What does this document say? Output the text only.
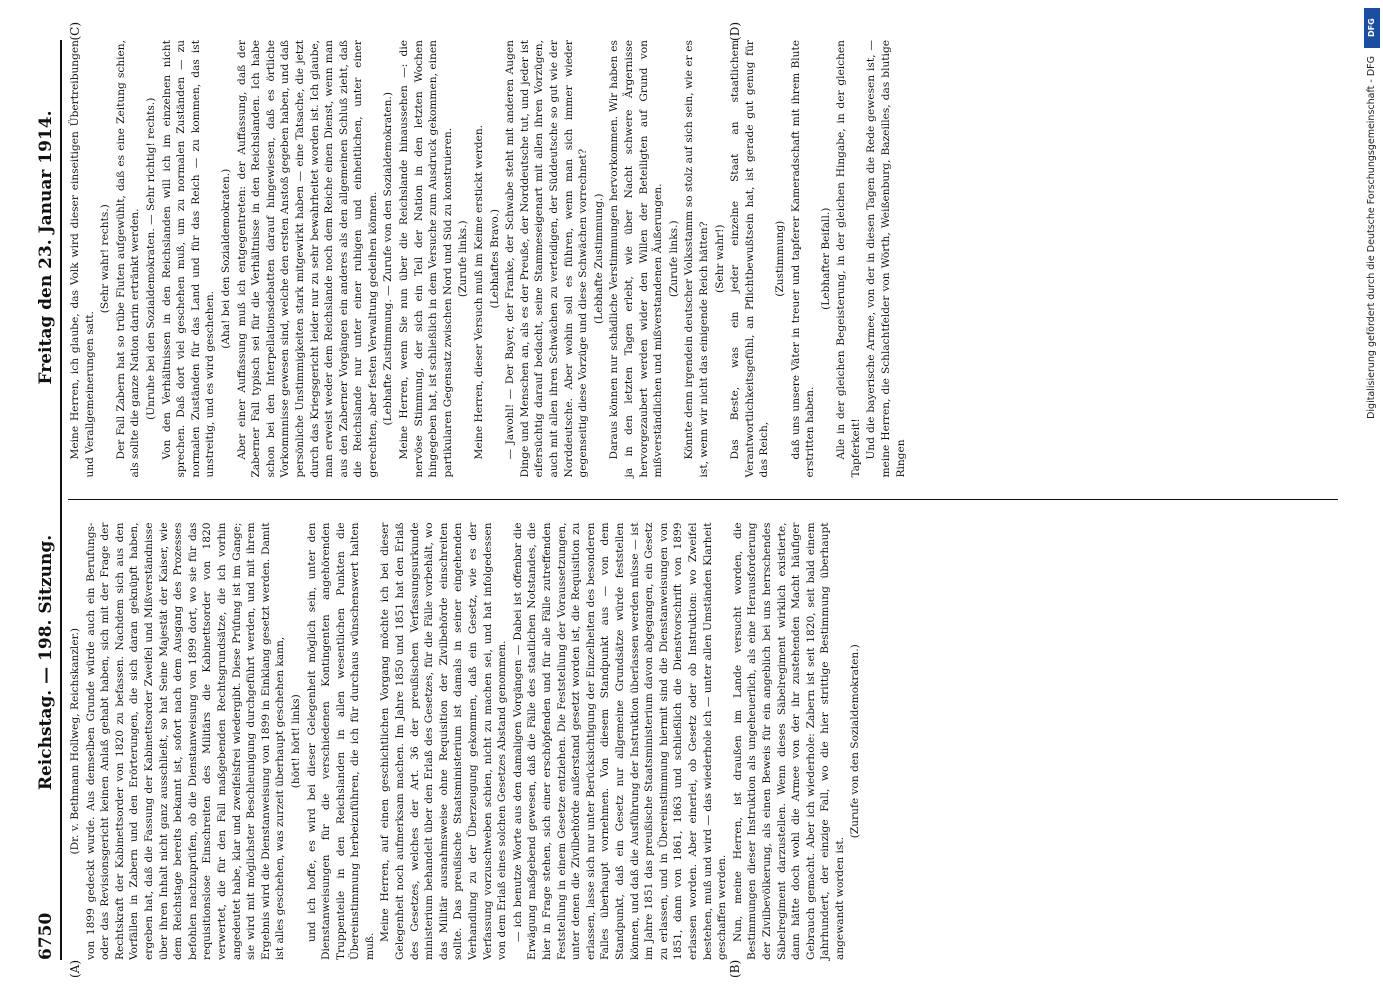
6750
Reichstag. — 198. Sitzung.
Freitag den 23. Januar 1914.
(A)	(B)

(Dr. v. Bethmann Hollweg, Reichskanzler.) von 1899 gedeckt wurde. Aus demselben Grunde würde auch ein Berufungs- oder das Revisionsgericht keinen Anlaß gehabt haben, sich mit der Frage der Rechtskraft der Kabinettsorder von 1820 zu befassen. Nachdem sich aus den Vorfällen in Zabern und den Erörterungen, die sich daran geknüpft haben, ergeben hat, daß die Fassung der Kabinettsorder Zweifel und Mißverständnisse über ihren Inhalt nicht ganz ausschließt, so hat Seine Majestät der Kaiser, wie dem Reichstage bereits bekannt ist, sofort nach dem Ausgang des Prozesses befohlen nachzuprüfen, ob die Dienstanweisung von 1899 dort, wo sie für das requisitionslose Einschreiten des Militärs die Kabinettsorder von 1820 verwertet, die für den Fall maßgebenden Rechtsgrundsätze, die ich vorhin angedeutet habe, klar und zweifelsfrei wiedergibt. Diese Prüfung ist im Gange; sie wird mit möglichster Beschleunigung durchgeführt werden, und mit ihrem Ergebnis wird die Dienstanweisung von 1899 in Einklang gesetzt werden. Damit ist alles geschehen, was zurzeit überhaupt geschehen kann, (hört! hört! links) und ich hoffe, es wird bei dieser Gelegenheit möglich sein, unter den Dienstanweisungen für die verschiedenen Kontingenten angehörenden Truppenteile in den Reichslanden in allen wesentlichen Punkten die Übereinstimmung herbeizuführen, die ich für durchaus wünschenswert halten muß.

Meine Herren, auf einen geschichtlichen Vorgang möchte ich bei dieser Gelegenheit noch aufmerksam machen. Im Jahre 1850 und 1851 hat den Erlaß des Gesetzes, welches der Art. 36 der preußischen Verfassungsurkunde ministerium behandelt über den Erlaß des Gesetzes, für die Fälle vorbehält, wo das Militär ausnahmsweise ohne Requisition der Zivilbehörde einschreiten sollte. Das preußische Staatsministerium ist damals in seiner eingehenden Verhandlung zu der Überzeugung gekommen, daß ein Gesetz, wie es der Verfassung vorzuschweben schien, nicht zu machen sei, und hat infolgedessen von dem Erlaß eines solchen Gesetzes Abstand genommen. — ich benutze Worte aus den damaligen Vorgängen — Dabei ist offenbar die Erwägung maßgebend gewesen, daß die Fälle des staatlichen Notstandes, die hier in Frage stehen, sich einer erschöpfenden und für alle Fälle zutreffenden Feststellung in einem Gesetze entziehen. Die Feststellung der Voraussetzungen, unter denen die Zivilbehörde außerstand gesetzt worden ist, die Requisition zu erlassen, lasse sich nur unter Berücksichtigung der Einzelheiten des besonderen Falles überhaupt vornehmen. Von diesem Standpunkt aus — von dem Standpunkt, daß ein Gesetz nur allgemeine Grundsätze würde feststellen können, und daß die Ausführung der Instruktion überlassen werden müsse — ist im Jahre 1851 das preußische Staatsministerium davon abgegangen, ein Gesetz zu erlassen, und in Übereinstimmung hiermit sind die Dienstanweisungen von 1851, dann von 1861, 1863 und schließlich die Dienstvorschrift von 1899 erlassen worden. Aber einerlei, ob Gesetz oder ob Instruktion: wo Zweifel bestehen, muß und wird — das wiederhole ich — unter allen Umständen Klarheit geschaffen werden. Nun, meine Herren, ist draußen im Lande versucht worden, die Bestimmungen dieser Instruktion als ungeheuerlich, als eine Herausforderung der Zivilbevölkerung, als einen Beweis für ein angeblich bei uns herrschendes Säbelregiment darzustellen. Wenn dieses Säbelregiment wirklich existierte, dann hätte doch wohl die Armee von der ihr zustehenden Macht häufiger Gebrauch gemacht. Aber ich wiederhole: Zabern ist seit 1820, seit bald einem Jahrhundert, der einzige Fall, wo die hier strittige Bestimmung überhaupt angewandt worden ist.

(Zurufe von den Sozialdemokraten.)

(C)	(D)

Meine Herren, ich glaube, das Volk wird dieser einseitigen Übertreibungen und Verallgemeinerungen satt.

(Sehr wahr! rechts.) Der Fall Zabern hat so trübe Fluten aufgewühlt, daß es eine Zeitung schien, als sollte die ganze Nation darin ertränkt werden. (Unruhe bei den Sozialdemokraten. — Sehr richtig! rechts.) Von den Verhältnissen in den Reichslanden will ich im einzelnen nicht sprechen. Daß dort viel geschehen muß, um zu normalen Zuständen — zu normalen Zuständen für das Land und für das Reich — zu kommen, das ist unstreitig, und es wird geschehen.

(Aha! bei den Sozialdemokraten.) Aber einer Auffassung muß ich entgegentreten: der Auffassung, daß der Zaberner Fall typisch sei für die Verhältnisse in den Reichslanden. Ich habe schon bei den Interpellationsdebatten darauf hingewiesen, daß es örtliche Vorkommnisse gewesen sind, welche den ersten Anstoß gegeben haben, und daß persönliche Unstimmigkeiten stark mitgewirkt haben — eine Tatsache, die jetzt durch das Kriegsgericht leider nur zu sehr bewahrheitet worden ist. Ich glaube, man erweist weder dem Reichslande noch dem Reiche einen Dienst, wenn man aus den Zaberner Vorgängen ein anderes als den allgemeinen Schluß zieht, daß die Reichslande nur unter einer ruhigen und einheitlichen, unter einer gerechten, aber festen Verwaltung gedeihen können. (Lebhafte Zustimmung. — Zurufe von den Sozialdemokraten.) Meine Herren, wenn Sie nun über die Reichslande hinaussehen —: die nervöse Stimmung, der sich ein Teil der Nation in den letzten Wochen hingegeben hat, ist schließlich in dem Versuche zum Ausdruck gekommen, einen partikularen Gegensatz zwischen Nord und Süd zu konstruieren. (Zurufe links.) Meine Herren, dieser Versuch muß im Keime erstickt werden. (Lebhaftes Bravo.) — Jawohl! — Der Bayer, der Franke, der Schwabe steht mit anderen Augen Dinge und Menschen an, als es der Preuße, der Norddeutsche tut, und jeder ist eifersüchtig darauf bedacht, seine Stammeseigenart mit allen ihren Vorzügen, auch mit allen ihren Schwächen zu verteidigen, der Süddeutsche so gut wie der Norddeutsche. Aber wohin soll es führen, wenn man sich immer wieder gegenseitig diese Vorzüge und diese Schwächen vorrechnet? (Lebhafte Zustimmung.) Daraus können nur schädliche Verstimmungen hervorkommen. Wir haben es ja in den letzten Tagen erlebt, wie über Nacht schwere Ärgernisse hervorgezaubert werden wider den Willen der Beteiligten auf Grund von mißverständlichen und mißverstandenen Äußerungen. (Zurufe links.) Könnte denn irgendein deutscher Volksstamm so stolz auf sich sein, wie er es ist, wenn wir nicht das einigende Reich hätten? (Sehr wahr!) Das Beste, was ein jeder einzelne Staat an staatlichem Verantwortlichkeitsgefühl, an Pflichtbewußtsein hat, ist gerade gut genug für das Reich,

(Zustimmung) daß uns unsere Väter in treuer und tapferer Kameradschaft mit ihrem Blute erstritten haben.

(Lebhafter Beifall.) Alle in der gleichen Begeisterung, in der gleichen Hingabe, in der gleichen Tapferkeit! Und die bayerische Armee, von der in diesen Tagen die Rede gewesen ist, — meine Herren, die Schlachtfelder von Wörth, Weißenburg, Bazeilles, das blutige Ringen

DFG
Digitalisierung gefördert durch die Deutsche Forschungsgemeinschaft - DFG
